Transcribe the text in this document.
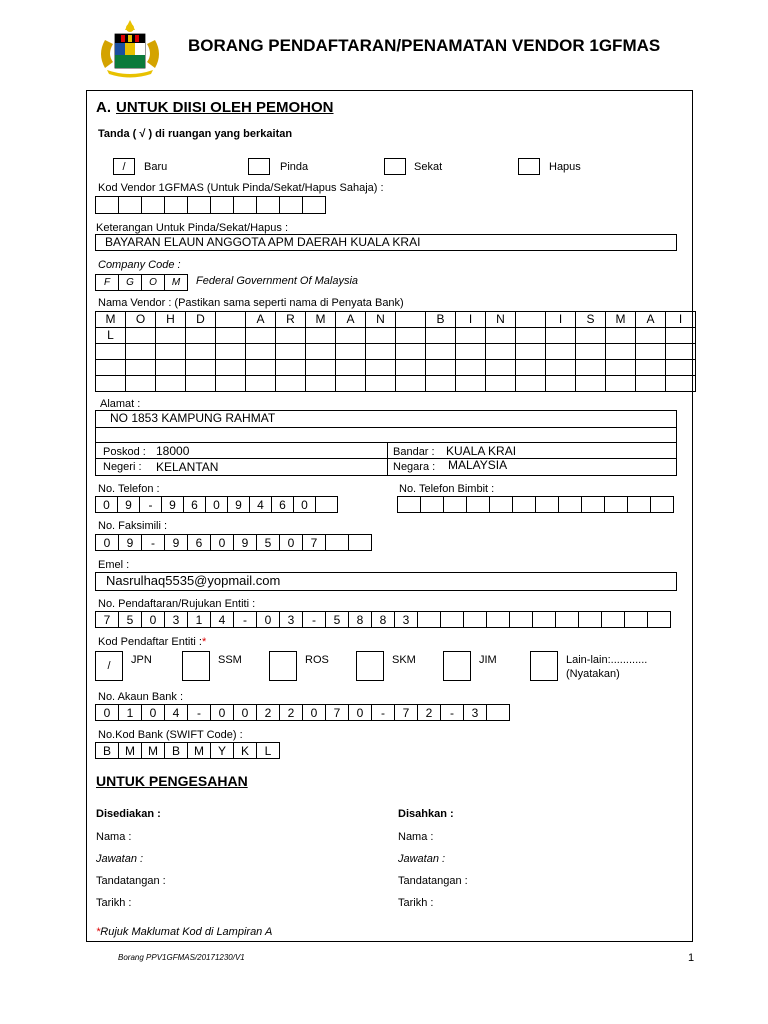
BORANG PENDAFTARAN/PENAMATAN VENDOR 1GFMAS
A. UNTUK DIISI OLEH PEMOHON
Tanda ( √ ) di ruangan yang berkaitan
/ Baru	Pinda	Sekat	Hapus
Kod Vendor 1GFMAS (Untuk Pinda/Sekat/Hapus Sahaja) :
Keterangan Untuk Pinda/Sekat/Hapus :
BAYARAN ELAUN ANGGOTA APM DAERAH KUALA KRAI
Company Code :
F	G	O	M	Federal Government Of Malaysia
Nama Vendor : (Pastikan sama seperti nama di Penyata Bank)
M	O	H	D		A	R	M	A	N		B	I	N		I	S	M	A	I
L																			

Alamat :
NO 1853 KAMPUNG RAHMAT
Poskod : 18000	Bandar : KUALA KRAI
Negeri : KELANTAN	Negara : MALAYSIA
No. Telefon :
0	9	-	9	6	0	9	4	6	0
No. Telefon Bimbit :
No. Faksimili :
0	9	-	9	6	0	9	5	0	7
Emel :
Nasrulhaq5535@yopmail.com
No. Pendaftaran/Rujukan Entiti :
7	5	0	3	1	4	-	0	3	-	5	8	8	3
Kod Pendaftar Entiti :*
/ JPN	SSM	ROS	SKM	JIM	Lain-lain:............
(Nyatakan)
No. Akaun Bank :
0	1	0	4	-	0	0	2	2	0	7	0	-	7	2	-	3
No.Kod Bank (SWIFT Code) :
B	M	M	B	M	Y	K	L
UNTUK PENGESAHAN
Disediakan :	Disahkan :
Nama :	Nama :
Jawatan :	Jawatan :
Tandatangan :	Tandatangan :
Tarikh :	Tarikh :
*Rujuk Maklumat Kod di Lampiran A
Borang PPV1GFMAS/20171230/V1	1
